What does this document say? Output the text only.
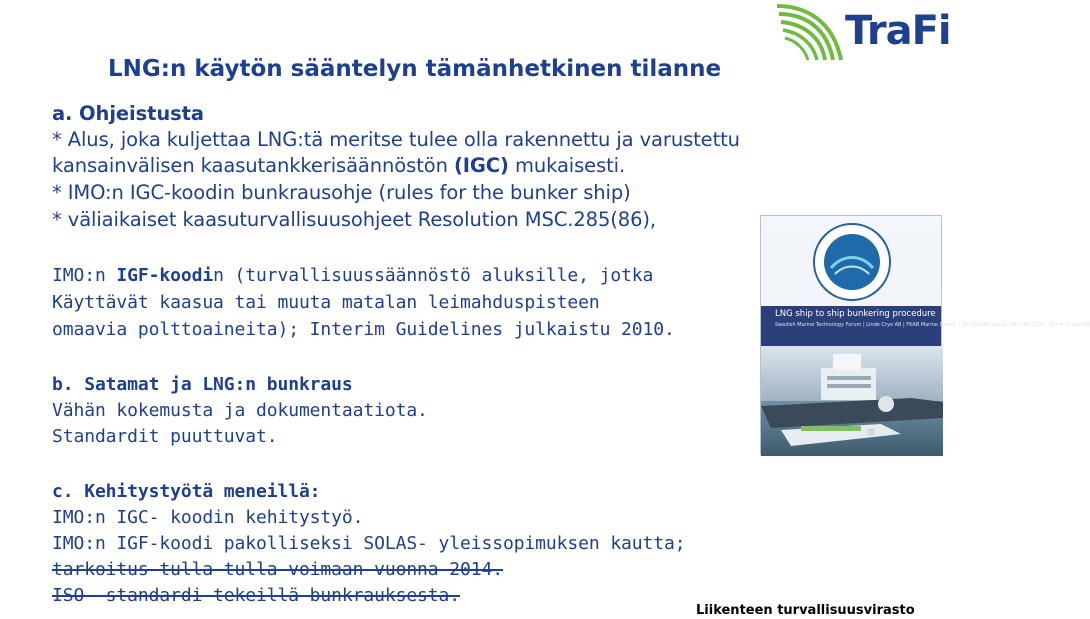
TraFi
LNG:n käytön sääntelyn tämänhetkinen tilanne
a. Ohjeistusta
* Alus, joka kuljettaa LNG:tä meritse tulee olla rakennettu ja varustettu
kansainvälisen kaasutankkerisäännöstön (IGC) mukaisesti.
* IMO:n IGC-koodin bunkrausohje (rules for the bunker ship)
* väliaikaiset kaasuturvallisuusohjeet Resolution MSC.285(86),
IMO:n IGF-koodin (turvallisuussäännöstö aluksille, jotka
Käyttävät kaasua tai muuta matalan leimahduspisteen
omaavia polttoaineita); Interim Guidelines julkaistu 2010.
b. Satamat ja LNG:n bunkraus
Vähän kokemusta ja dokumentaatiota.
Standardit puuttuvat.
c. Kehitystyötä meneillä:
IMO:n IGC- koodin kehitystyö.
IMO:n IGF-koodi pakolliseksi SOLAS- yleissopimuksen kautta;
tarkoitus tulla tulla voimaan vuonna 2014.
ISO- standardi tekeillä bunkrauksesta.
LNG ship to ship bunkering procedure
Swedish Marine Technology Forum | Linde Cryo AB | FKAB Marine Design | Det Norske Veritas AS | LNG GOT | White Smoke AB
Liikenteen turvallisuusvirasto
